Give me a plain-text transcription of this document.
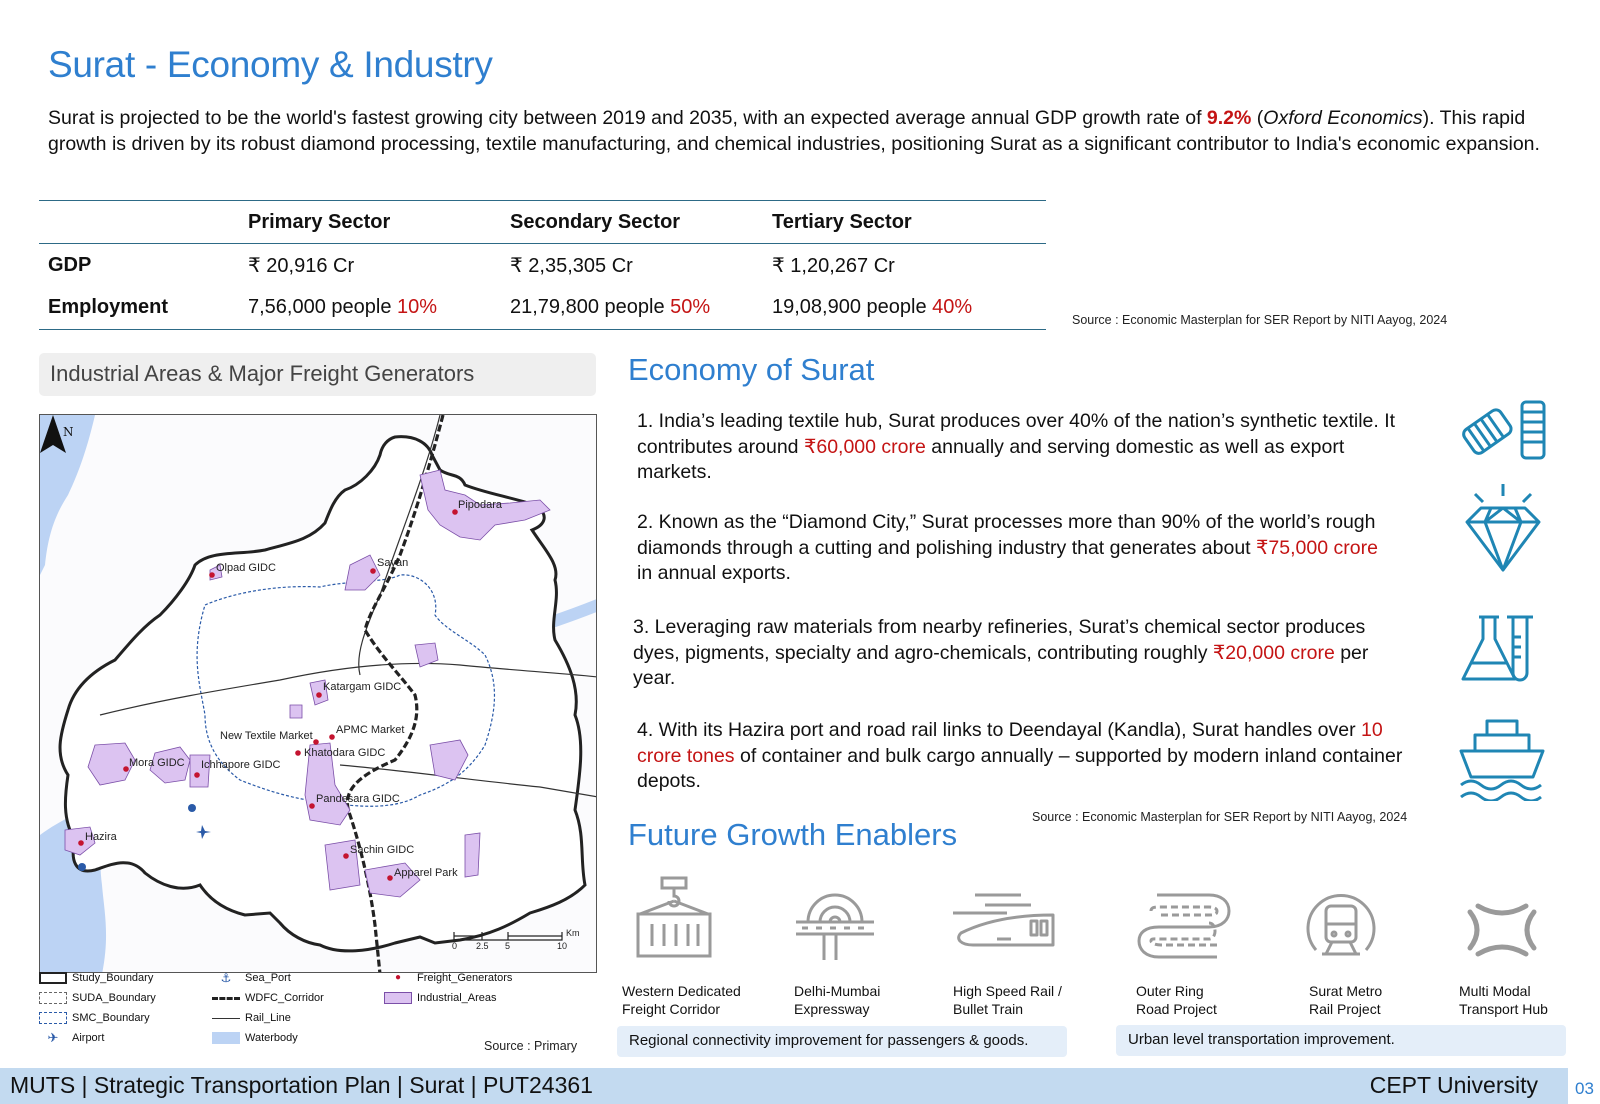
Surat - Economy & Industry

Surat is projected to be the world's fastest growing city between 2019 and 2035, with an expected average annual GDP growth rate of 9.2% (Oxford Economics). This rapid growth is driven by its robust diamond processing, textile manufacturing, and chemical industries, positioning Surat as a significant contributor to India's economic expansion.

	Primary Sector	Secondary Sector	Tertiary Sector
GDP	₹ 20,916 Cr	₹ 2,35,305 Cr	₹ 1,20,267 Cr
Employment	7,56,000 people 10%	21,79,800 people 50%	19,08,900 people 40%
Source : Economic Masterplan for SER Report by NITI Aayog, 2024
Industrial Areas & Major Freight Generators
N
Pipodara
Sayan
Olpad GIDC
Katargam GIDC
APMC Market
New Textile Market
Khatodara GIDC
Mora GIDC Ichhapore GIDC
Pandesara GIDC
Hazira
Sachin GIDC
Apparel Park
0 2.5 5	10
Km
Study_Boundary
SUDA_Boundary
SMC_Boundary
✈	Airport
⚓	Sea_Port
WDFC_Corridor
Rail_Line
Waterbody
●	Freight_Generators
Industrial_Areas
Source : Primary
Economy of Surat

1. India’s leading textile hub, Surat produces over 40% of the nation’s synthetic textile. It contributes around ₹60,000 crore annually and serving domestic as well as export markets.

2. Known as the “Diamond City,” Surat processes more than 90% of the world’s rough diamonds through a cutting and polishing industry that generates about ₹75,000 crore in annual exports.

3. Leveraging raw materials from nearby refineries, Surat’s chemical sector produces dyes, pigments, specialty and agro-chemicals, contributing roughly ₹20,000 crore per year.

4. With its Hazira port and road rail links to Deendayal (Kandla), Surat handles over 10 crore tones of container and bulk cargo annually – supported by modern inland container depots.

Source : Economic Masterplan for SER Report by NITI Aayog, 2024
Future Growth Enablers
Western Dedicated
Freight Corridor
Delhi-Mumbai
Expressway
High Speed Rail /
Bullet Train
Outer Ring
Road Project
Surat Metro
Rail Project
Multi Modal
Transport Hub
Regional connectivity improvement for passengers & goods.	Urban level transportation improvement.
MUTS | Strategic Transportation Plan | Surat | PUT24361	CEPT University 03
